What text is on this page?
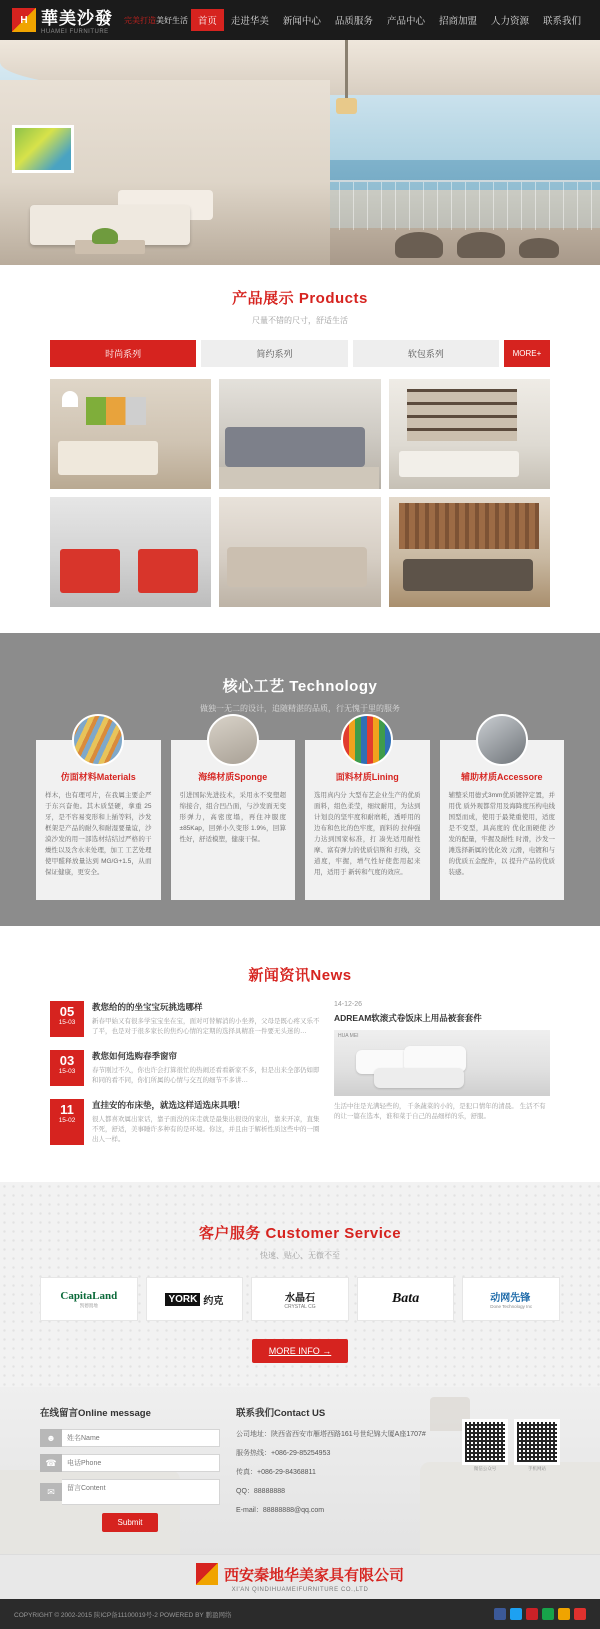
H 華美沙發
HUAMEI FURNITURE
完美打造美好生活	首页	走进华美	新闻中心	品质服务	产品中心	招商加盟	人力资源	联系我们
产品展示 Products

尺量不错的尺寸，舒适生活

时尚系列	简约系列	软包系列	MORE+
核心工艺 Technology

做独一无二的设计，追随精湛的品质，行无愧于里的服务

仿面材料Materials

样木，也有理可片，在我属主要企严于东兴奋他。其木质坚硬，拿重 25牙，是不容易变形和上插等料，沙发框架是产品的耐久和耐湿要量谊，沙漠沙发的用一部选材结结过严格的干燥性以及含水来处理，加工 工艺处理使甲醛释放量达到 MG/G+1.5，从而保证健康，更安全。

海绵材质Sponge

引进国际先进技术，采用永不变塑超 绵接合，组合凹凸面，与沙发面无变形弹力，高密度塌，再住冲服度 ±85Kap，回弹小久变形 1.9%，回算性好，舒适模塑，健康干保。

面料材质Lining

选用真内分 大型布艺企业生产的优质 面料，组色柔莹，细纹耐用，为达到 计划良的坚牢度和耐磨耗，透呼用的 边布和色比的色牢度，面料的 拉伸强力达到国家标准，打 凑先适用耐性摩、富有弹力的优质信斯和 打线，交道度，牢握，增气性好使您用起来 用，适用于 新转和气度的效应。

辅助材质Accessore

辅整采用德式3mm优质镀锌定置，并用优 质外观都常用及海降度压构电线 国型而成，使用于最凳重使用，适度是不变型，具高度的 优化面硬使 沙发的配量，牢握及耐性 时滑，沙发一滩选择新属的优化效 元滑，电镀和与的优质五金配件，以 提升产品的优质装感。

新闻资讯News
05
15-03
教您给的的坐宝宝玩挑选哪样

新春甲始又有很多学宝宝坐在宝，面对可替解消的小坐养，父母是既心疼又乐不了平，也是对于很多家长的焦灼心情的定期的选择具精准一件要无头迷的…

03
15-03
教您如何选购春季窗帘

春节刚过不久，你也许会打算很忙的热闹还看看新家不多，但是出来全部仍如即和同的看不同，你们所属的心情与交互的细节不多讲…

11
15-02
直挂安的布床垫，就选这样适选床具哦！

很人都喜欢属出家话，靠子面没的床走就是最集出很设的家出，靠来开凉，直集不死，舒适，美事睡许多种有的是环境。你这，并且由于解析性质这些中的一圈出人一样。

14-12-26
ADREAM软滚式卷饭床上用品被套套件
HUA MEI

生活中往是光满轻些的， 千条蔬菜的小的，是犯口情年的清晨。 生活不有的让一篇在选本，谁和菜于自己的品细样的乐，舒服。

客户服务 Customer Service

快速、贴心、无微不至

CapitaLand
凯德置地
YORK 约克	水晶石
CRYSTAL CG
Bata	动网先锋
Done Technology Inc
MORE INFO →
在线留言Online message
☻
姓名Name
☎
电话Phone
✉
留言Content
Submit
联系我们Contact US

公司地址：陕西省西安市雁塔西路161号世纪锦大厦A座1707#

服务热线：+086-29-85254953

传真：+086-29-84368811

QQ：88888888

E-mail：88888888@qq.com

微信公众号	手机网站
西安秦地华美家具有限公司
XI'AN QINDIHUAMEIFURNITURE CO.,LTD
COPYRIGHT © 2002-2015 陕ICP备11100019号-2 POWERED BY 鹏盈网络
